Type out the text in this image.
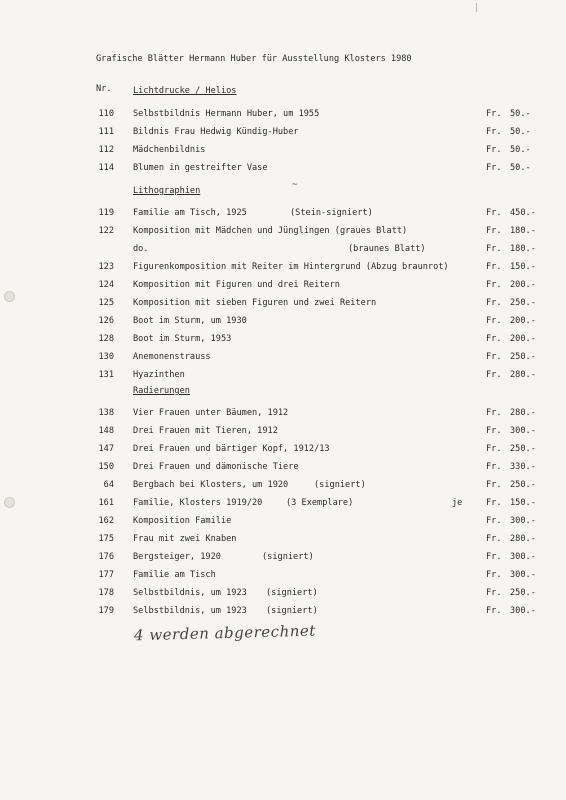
Grafische Blätter Hermann Huber für Ausstellung Klosters 1980
Nr. Lichtdrucke / Helios
110 Selbstbildnis Hermann Huber, um 1955	Fr. 50.-
111 Bildnis Frau Hedwig Kündig-Huber	Fr. 50.-
112 Mädchenbildnis	Fr. 50.-
114 Blumen in gestreifter Vase	Fr. 50.-
Lithographien
119 Familie am Tisch, 1925	(Stein-signiert)	Fr. 450.-
122 Komposition mit Mädchen und Jünglingen (graues Blatt)	Fr. 180.-
do.	(braunes Blatt)	Fr. 180.-
123 Figurenkomposition mit Reiter im Hintergrund (Abzug braunrot)	Fr. 150.-
124 Komposition mit Figuren und drei Reitern	Fr. 200.-
125 Komposition mit sieben Figuren und zwei Reitern	Fr. 250.-
126 Boot im Sturm, um 1930	Fr. 200.-
128 Boot im Sturm, 1953	Fr. 200.-
130 Anemonenstrauss	Fr. 250.-
131 Hyazinthen	Fr. 280.-
Radierungen
138 Vier Frauen unter Bäumen, 1912	Fr. 280.-
148 Drei Frauen mit Tieren, 1912	Fr. 300.-
147 Drei Frauen und bärtiger Kopf, 1912/13	Fr. 250.-
150 Drei Frauen und dämonische Tiere	Fr. 330.-
64 Bergbach bei Klosters, um 1920	(signiert)	Fr. 250.-
161 Familie, Klosters 1919/20	(3 Exemplare)	je	Fr. 150.-
162 Komposition Familie	Fr. 300.-
175 Frau mit zwei Knaben	Fr. 280.-
176 Bergsteiger, 1920	(signiert)	Fr. 300.-
177 Familie am Tisch	Fr. 300.-
178 Selbstbildnis, um 1923 (signiert)	Fr. 250.-
179 Selbstbildnis, um 1923 (signiert)	Fr. 300.-
~
4 werden abgerechnet
